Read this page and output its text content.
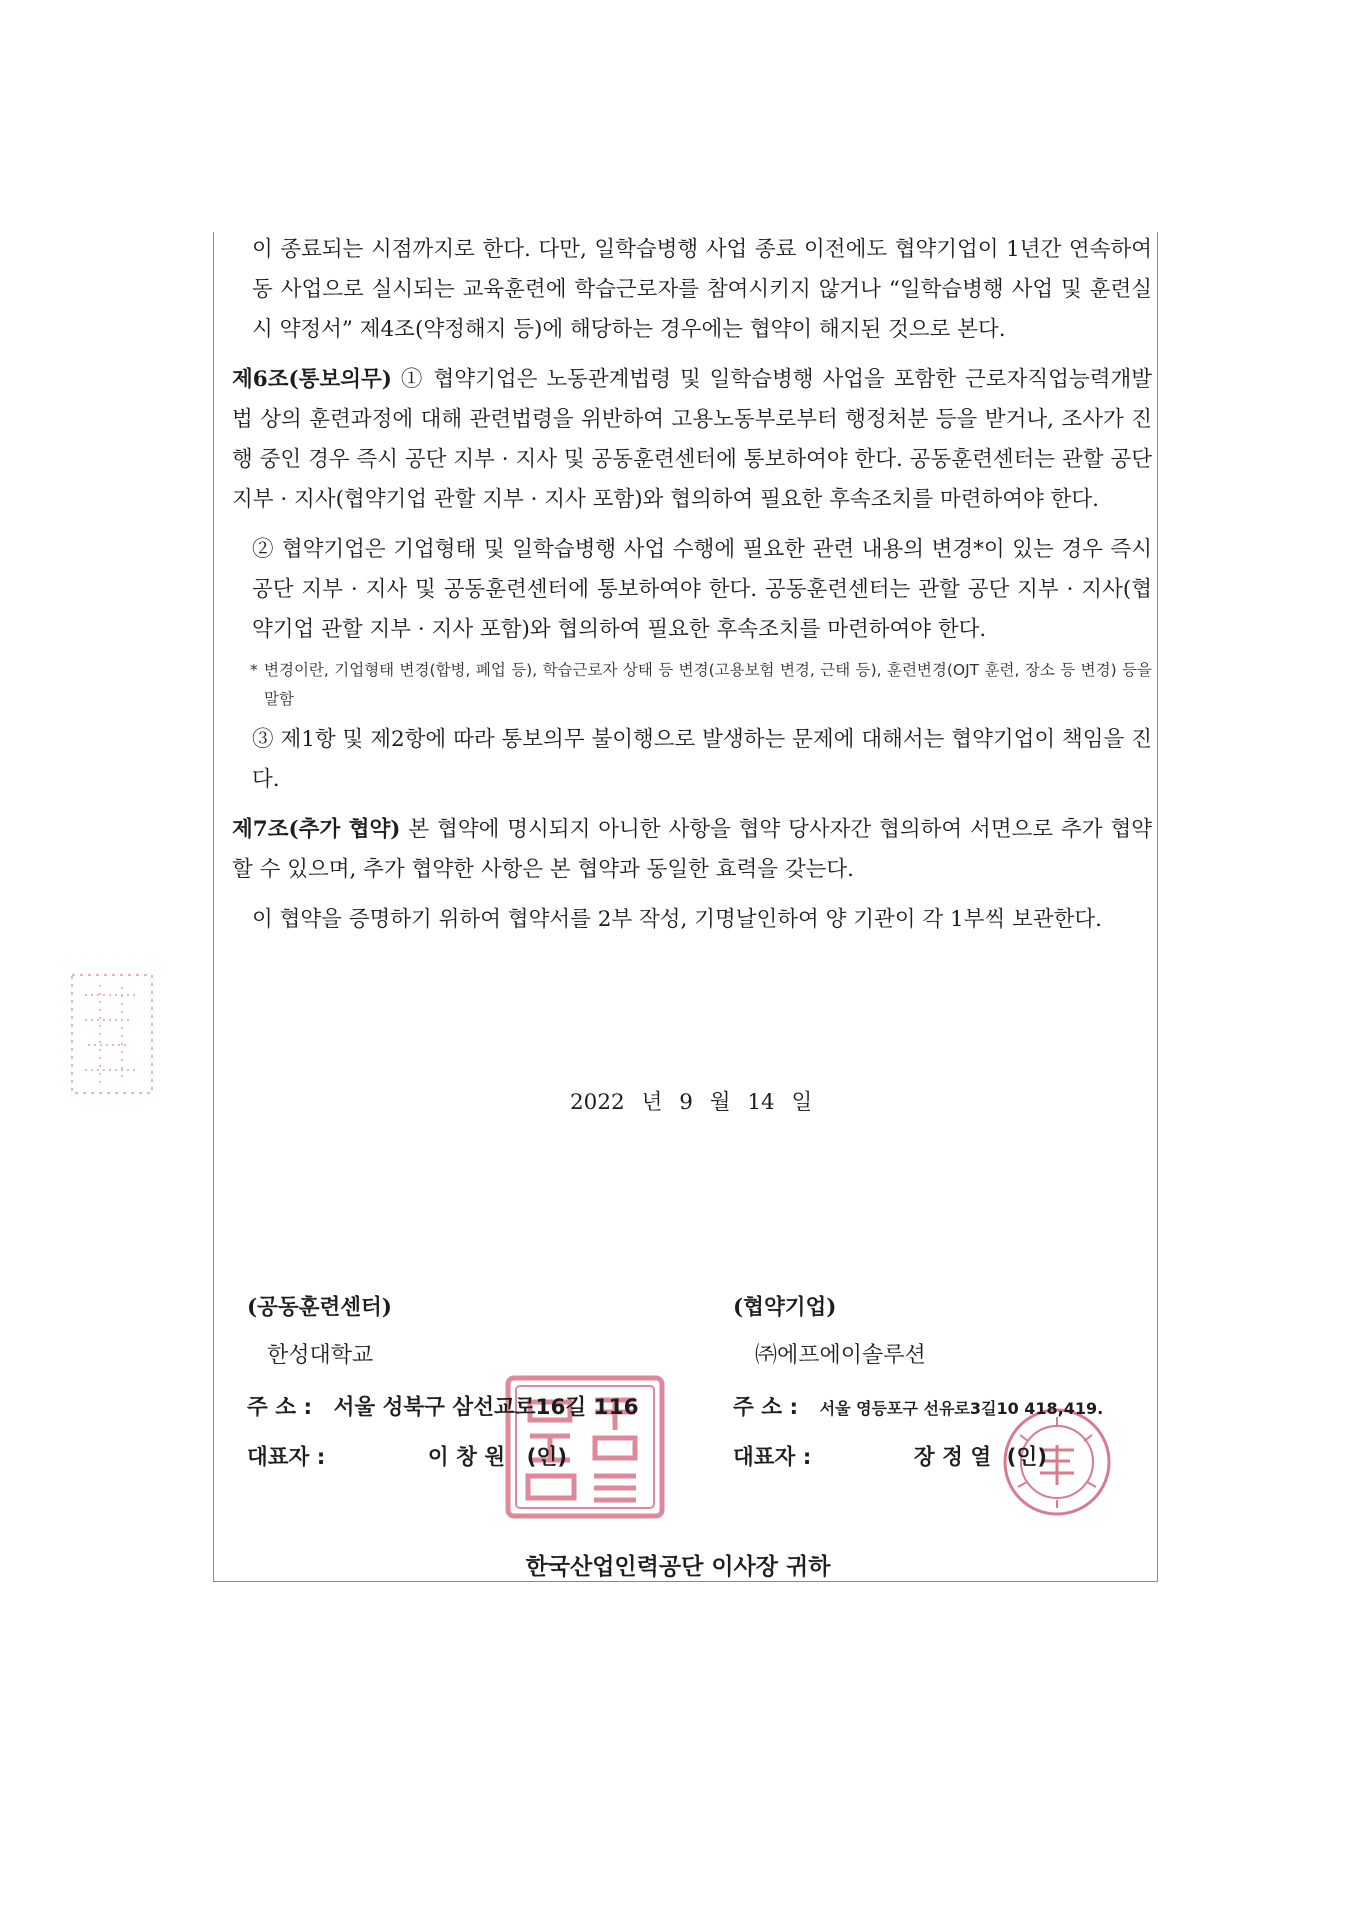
이 종료되는 시점까지로 한다. 다만, 일학습병행 사업 종료 이전에도 협약기업이 1년간 연속하여 동 사업으로 실시되는 교육훈련에 학습근로자를 참여시키지 않거나 “일학습병행 사업 및 훈련실시 약정서” 제4조(약정해지 등)에 해당하는 경우에는 협약이 해지된 것으로 본다.

제6조(통보의무) ① 협약기업은 노동관계법령 및 일학습병행 사업을 포함한 근로자직업능력개발법 상의 훈련과정에 대해 관련법령을 위반하여 고용노동부로부터 행정처분 등을 받거나, 조사가 진행 중인 경우 즉시 공단 지부 · 지사 및 공동훈련센터에 통보하여야 한다. 공동훈련센터는 관할 공단 지부 · 지사(협약기업 관할 지부 · 지사 포함)와 협의하여 필요한 후속조치를 마련하여야 한다.

② 협약기업은 기업형태 및 일학습병행 사업 수행에 필요한 관련 내용의 변경*이 있는 경우 즉시 공단 지부 · 지사 및 공동훈련센터에 통보하여야 한다. 공동훈련센터는 관할 공단 지부 · 지사(협약기업 관할 지부 · 지사 포함)와 협의하여 필요한 후속조치를 마련하여야 한다.

* 변경이란, 기업형태 변경(합병, 폐업 등), 학습근로자 상태 등 변경(고용보험 변경, 근태 등), 훈련변경(OJT 훈련, 장소 등 변경) 등을 말함

③ 제1항 및 제2항에 따라 통보의무 불이행으로 발생하는 문제에 대해서는 협약기업이 책임을 진다.

제7조(추가 협약) 본 협약에 명시되지 아니한 사항을 협약 당사자간 협의하여 서면으로 추가 협약할 수 있으며, 추가 협약한 사항은 본 협약과 동일한 효력을 갖는다.

이 협약을 증명하기 위하여 협약서를 2부 작성, 기명날인하여 양 기관이 각 1부씩 보관한다.

2022 년 9 월 14 일
(공동훈련센터)
한성대학교
주 소 : 서울 성북구 삼선교로16길 116
대표자 :	이 창 원 (인)
(협약기업)
㈜에프에이솔루션
주 소 : 서울 영등포구 선유로3길10 418,419.
대표자 :	장 정 열 (인)
한국산업인력공단 이사장 귀하
